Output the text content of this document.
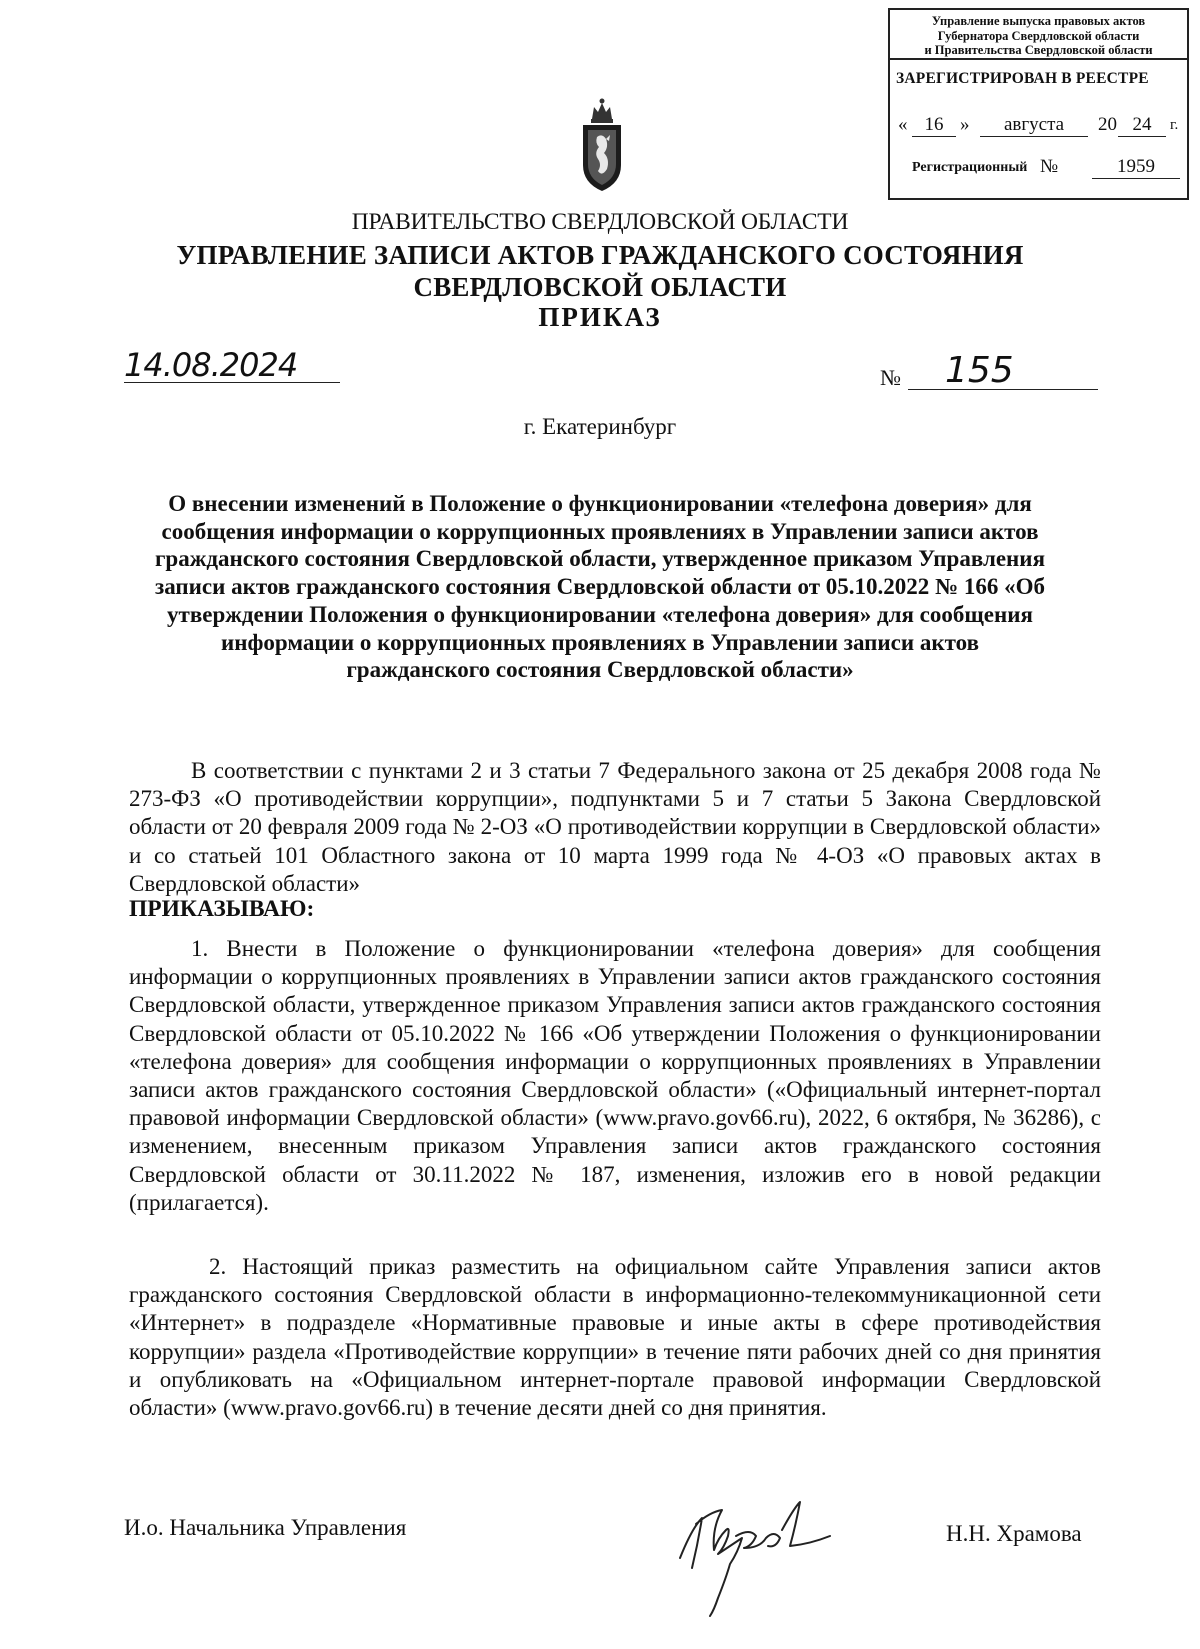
Управление выпуска правовых актов
Губернатора Свердловской области
и Правительства Свердловской области
ЗАРЕГИСТРИРОВАН В РЕЕСТРЕ
« 16 »	августа	20 24	г.
Регистрационный №	1959
ПРАВИТЕЛЬСТВО СВЕРДЛОВСКОЙ ОБЛАСТИ
УПРАВЛЕНИЕ ЗАПИСИ АКТОВ ГРАЖДАНСКОГО СОСТОЯНИЯ
СВЕРДЛОВСКОЙ ОБЛАСТИ
ПРИКАЗ
14.08.2024	№ 155
г. Екатеринбург
О внесении изменений в Положение о функционировании «телефона доверия» для сообщения информации о коррупционных проявлениях в Управлении записи актов гражданского состояния Свердловской области, утвержденное приказом Управления записи актов гражданского состояния Свердловской области от 05.10.2022 № 166 «Об утверждении Положения о функционировании «телефона доверия» для сообщения информации о коррупционных проявлениях в Управлении записи актов гражданского состояния Свердловской области»
В соответствии с пунктами 2 и 3 статьи 7 Федерального закона от 25 декабря 2008 года № 273-ФЗ «О противодействии коррупции», подпунктами 5 и 7 статьи 5 Закона Свердловской области от 20 февраля 2009 года № 2-ОЗ «О противодействии коррупции в Свердловской области» и со статьей 101 Областного закона от 10 марта 1999 года № 4-ОЗ «О правовых актах в Свердловской области»
ПРИКАЗЫВАЮ:
1. Внести в Положение о функционировании «телефона доверия» для сообщения информации о коррупционных проявлениях в Управлении записи актов гражданского состояния Свердловской области, утвержденное приказом Управления записи актов гражданского состояния Свердловской области от 05.10.2022 № 166 «Об утверждении Положения о функционировании «телефона доверия» для сообщения информации о коррупционных проявлениях в Управлении записи актов гражданского состояния Свердловской области» («Официальный интернет-портал правовой информации Свердловской области» (www.pravo.gov66.ru), 2022, 6 октября, № 36286), с изменением, внесенным приказом Управления записи актов гражданского состояния Свердловской области от 30.11.2022 № 187, изменения, изложив его в новой редакции (прилагается).
2. Настоящий приказ разместить на официальном сайте Управления записи актов гражданского состояния Свердловской области в информационно-телекоммуникационной сети «Интернет» в подразделе «Нормативные правовые и иные акты в сфере противодействия коррупции» раздела «Противодействие коррупции» в течение пяти рабочих дней со дня принятия и опубликовать на «Официальном интернет-портале правовой информации Свердловской области» (www.pravo.gov66.ru) в течение десяти дней со дня принятия.
И.о. Начальника Управления	Н.Н. Храмова
